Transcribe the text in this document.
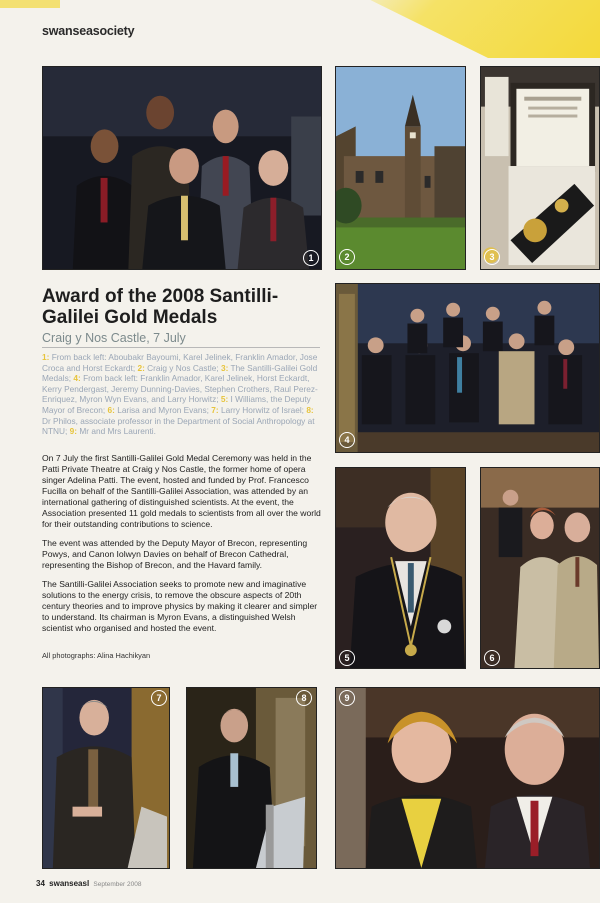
swanseasociety
1	2	3
Award of the 2008 Santilli-Galilei Gold Medals
Craig y Nos Castle, 7 July
1: From back left: Aboubakr Bayoumi, Karel Jelinek, Franklin Amador, Jose Croca and Horst Eckardt; 2: Craig y Nos Castle; 3: The Santilli-Galilei Gold Medals; 4: From back left: Franklin Amador, Karel Jelinek, Horst Eckardt, Kerry Pendergast, Jeremy Dunning-Davies, Stephen Crothers, Raul Perez-Enriquez, Myron Wyn Evans, and Larry Horwitz; 5: I Williams, the Deputy Mayor of Brecon; 6: Larisa and Myron Evans; 7: Larry Horwitz of Israel; 8: Dr Philos, associate professor in the Department of Social Anthropology at NTNU; 9: Mr and Mrs Laurenti.

On 7 July the first Santilli-Galilei Gold Medal Ceremony was held in the Patti Private Theatre at Craig y Nos Castle, the former home of opera singer Adelina Patti. The event, hosted and funded by Prof. Francesco Fucilla on behalf of the Santilli-Galilei Association, was attended by an international gathering of distinguished scientists. At the event, the Association presented 11 gold medals to scientists from all over the world for their outstanding contributions to science.

The event was attended by the Deputy Mayor of Brecon, representing Powys, and Canon Iolwyn Davies on behalf of Brecon Cathedral, representing the Bishop of Brecon, and the Havard family.

The Santilli-Galilei Association seeks to promote new and imaginative solutions to the energy crisis, to remove the obscure aspects of 20th century theories and to improve physics by making it clearer and simpler to understand. Its chairman is Myron Evans, a distinguished Welsh scientist who organised and hosted the event.

All photographs: Alina Hachikyan
4
5	6
7	8	9
34 swanseasl September 2008
